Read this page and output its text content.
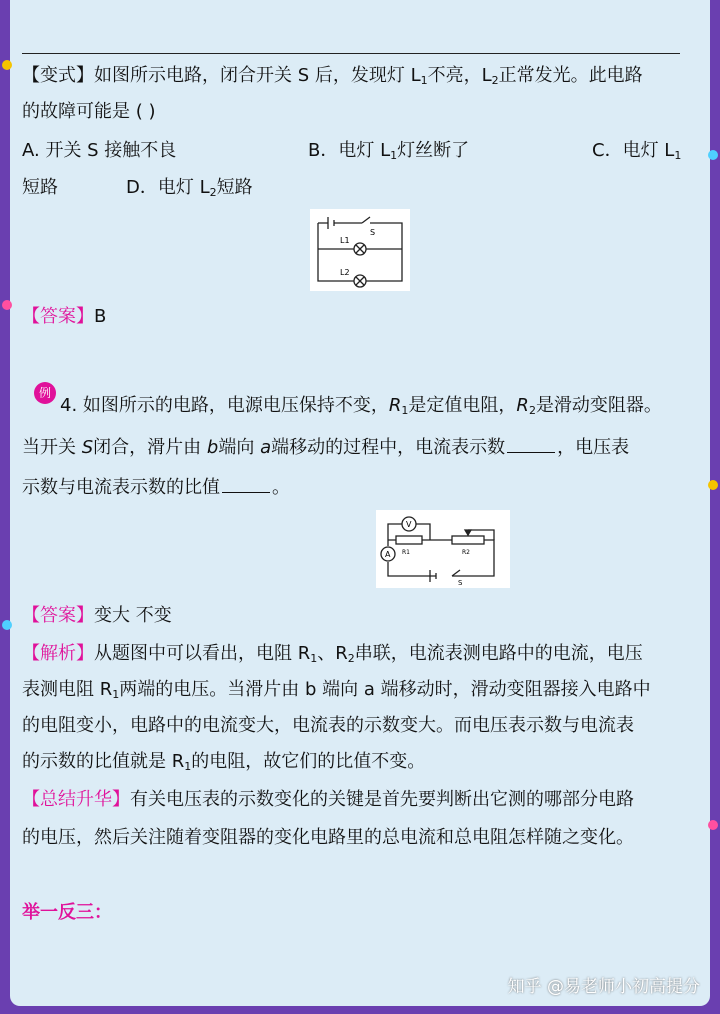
【变式】如图所示电路，闭合开关 S 后，发现灯 $L_1$不亮，$L_2$正常发光。此电路
的故障可能是 ( )
A. 开关 S 接触不良	B．电灯 $L_1$灯丝断了	C．电灯 $L_1$
短路	D．电灯 $L_2$短路
S
L1
L2
【答案】B
例
4. 如图所示的电路，电源电压保持不变，$R_1$是定值电阻，$R_2$是滑动变阻器。
当开关 S闭合，滑片由 b端向 a端移动的过程中，电流表示数	，电压表
示数与电流表示数的比值	。
V
A R1	R2
S
【答案】变大 不变
【解析】从题图中可以看出，电阻 $R_1$、$R_2$串联，电流表测电路中的电流，电压
表测电阻 $R_1$两端的电压。当滑片由 b 端向 a 端移动时，滑动变阻器接入电路中
的电阻变小，电路中的电流变大，电流表的示数变大。而电压表示数与电流表
的示数的比值就是 $R_1$的电阻，故它们的比值不变。
【总结升华】有关电压表的示数变化的关键是首先要判断出它测的哪部分电路
的电压，然后关注随着变阻器的变化电路里的总电流和总电阻怎样随之变化。
举一反三：
知乎 @易老师小初高提分
